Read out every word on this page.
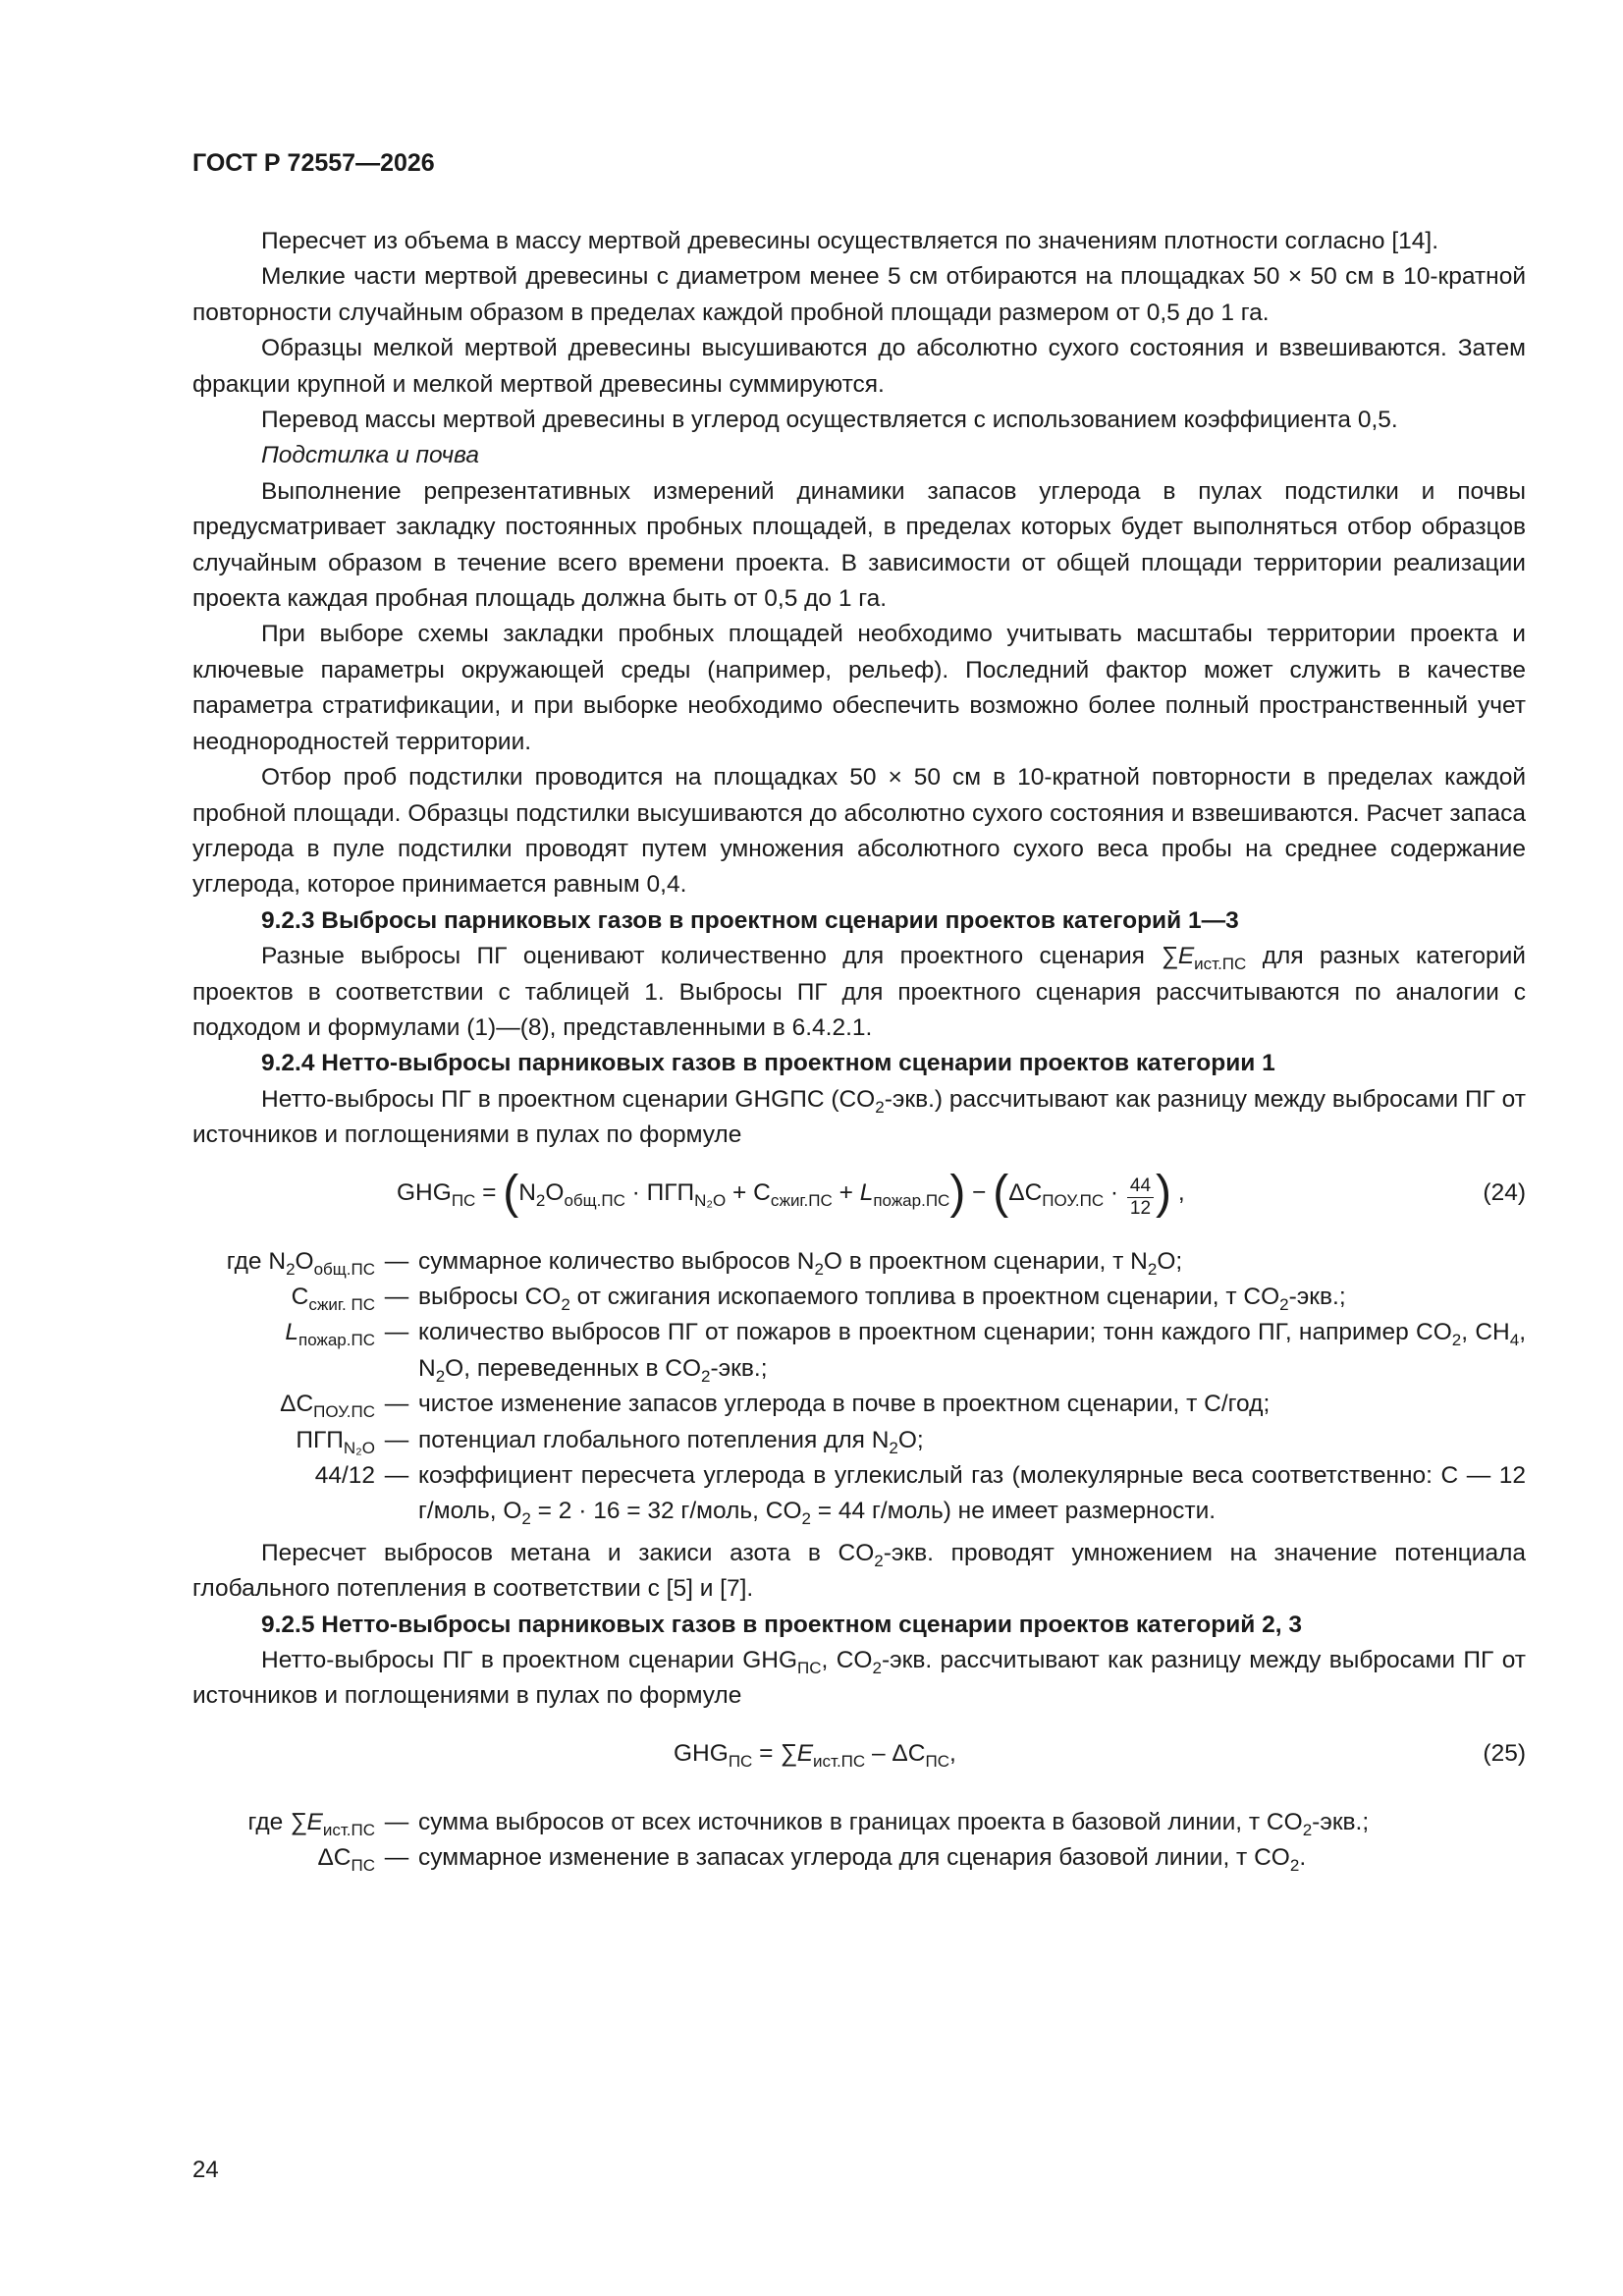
ГОСТ Р 72557—2026

Пересчет из объема в массу мертвой древесины осуществляется по значениям плотности согласно [14].

Мелкие части мертвой древесины с диаметром менее 5 см отбираются на площадках 50 × 50 см в 10-кратной повторности случайным образом в пределах каждой пробной площади размером от 0,5 до 1 га.

Образцы мелкой мертвой древесины высушиваются до абсолютно сухого состояния и взвешиваются. Затем фракции крупной и мелкой мертвой древесины суммируются.

Перевод массы мертвой древесины в углерод осуществляется с использованием коэффициента 0,5.

Подстилка и почва

Выполнение репрезентативных измерений динамики запасов углерода в пулах подстилки и почвы предусматривает закладку постоянных пробных площадей, в пределах которых будет выполняться отбор образцов случайным образом в течение всего времени проекта. В зависимости от общей площади территории реализации проекта каждая пробная площадь должна быть от 0,5 до 1 га.

При выборе схемы закладки пробных площадей необходимо учитывать масштабы территории проекта и ключевые параметры окружающей среды (например, рельеф). Последний фактор может служить в качестве параметра стратификации, и при выборке необходимо обеспечить возможно более полный пространственный учет неоднородностей территории.

Отбор проб подстилки проводится на площадках 50 × 50 см в 10-кратной повторности в пределах каждой пробной площади. Образцы подстилки высушиваются до абсолютно сухого состояния и взвешиваются. Расчет запаса углерода в пуле подстилки проводят путем умножения абсолютного сухого веса пробы на среднее содержание углерода, которое принимается равным 0,4.

9.2.3 Выбросы парниковых газов в проектном сценарии проектов категорий 1—3

Разные выбросы ПГ оценивают количественно для проектного сценария $\sum E_{ист.ПС}$ для разных категорий проектов в соответствии с таблицей 1. Выбросы ПГ для проектного сценария рассчитываются по аналогии с подходом и формулами (1)—(8), представленными в 6.4.2.1.

9.2.4 Нетто-выбросы парниковых газов в проектном сценарии проектов категории 1

Нетто-выбросы ПГ в проектном сценарии GHGПС $(CO_2-экв.)$ рассчитывают как разницу между выбросами ПГ от источников и поглощениями в пулах по формуле

$GHG_{ПС} = (N_2O_{общ.ПС} \cdot ПГП_{N_2O} + C_{сжиг.ПС} + L_{пожар.ПС}) - (\Delta C_{ПОУ.ПС} \cdot \frac{44}{12}$ ) ,	(24)
где $N_2O_{общ.ПС}$ — суммарное количество выбросов $N_2O$ в проектном сценарии, т $N_2O$;
$C_{сжиг. ПС}$ — выбросы $CO_2$ от сжигания ископаемого топлива в проектном сценарии, т $CO_2$-экв.;
$L_{пожар.ПС}$ — количество выбросов ПГ от пожаров в проектном сценарии; тонн каждого ПГ, например $CO_2$, $CH_4$, $N_2O$, переведенных в $CO_2$-экв.;
$\Delta C_{ПОУ.ПС}$ — чистое изменение запасов углерода в почве в проектном сценарии, т С/год;
$ПГП_{N_2O}$ — потенциал глобального потепления для $N_2O$;
44/12 — коэффициент пересчета углерода в углекислый газ (молекулярные веса соответственно: С — 12 г/моль, $O_2 = 2 \cdot 16 = 32$ г/моль, $CO_2 = 44$ г/моль) не имеет размерности.

Пересчет выбросов метана и закиси азота в $CO_2$-экв. проводят умножением на значение потенциала глобального потепления в соответствии с [5] и [7].

9.2.5 Нетто-выбросы парниковых газов в проектном сценарии проектов категорий 2, 3

Нетто-выбросы ПГ в проектном сценарии $GHG_{ПС}$, $CO_2$-экв. рассчитывают как разницу между выбросами ПГ от источников и поглощениями в пулах по формуле

$GHG_{ПС} = \sum E_{ист.ПС} - \Delta C_{ПС}$,	(25)
где $\sum E_{ист.ПС}$ — сумма выбросов от всех источников в границах проекта в базовой линии, т $CO_2$-экв.;
$\Delta C_{ПС}$ — суммарное изменение в запасах углерода для сценария базовой линии, т $CO_2$.
24
